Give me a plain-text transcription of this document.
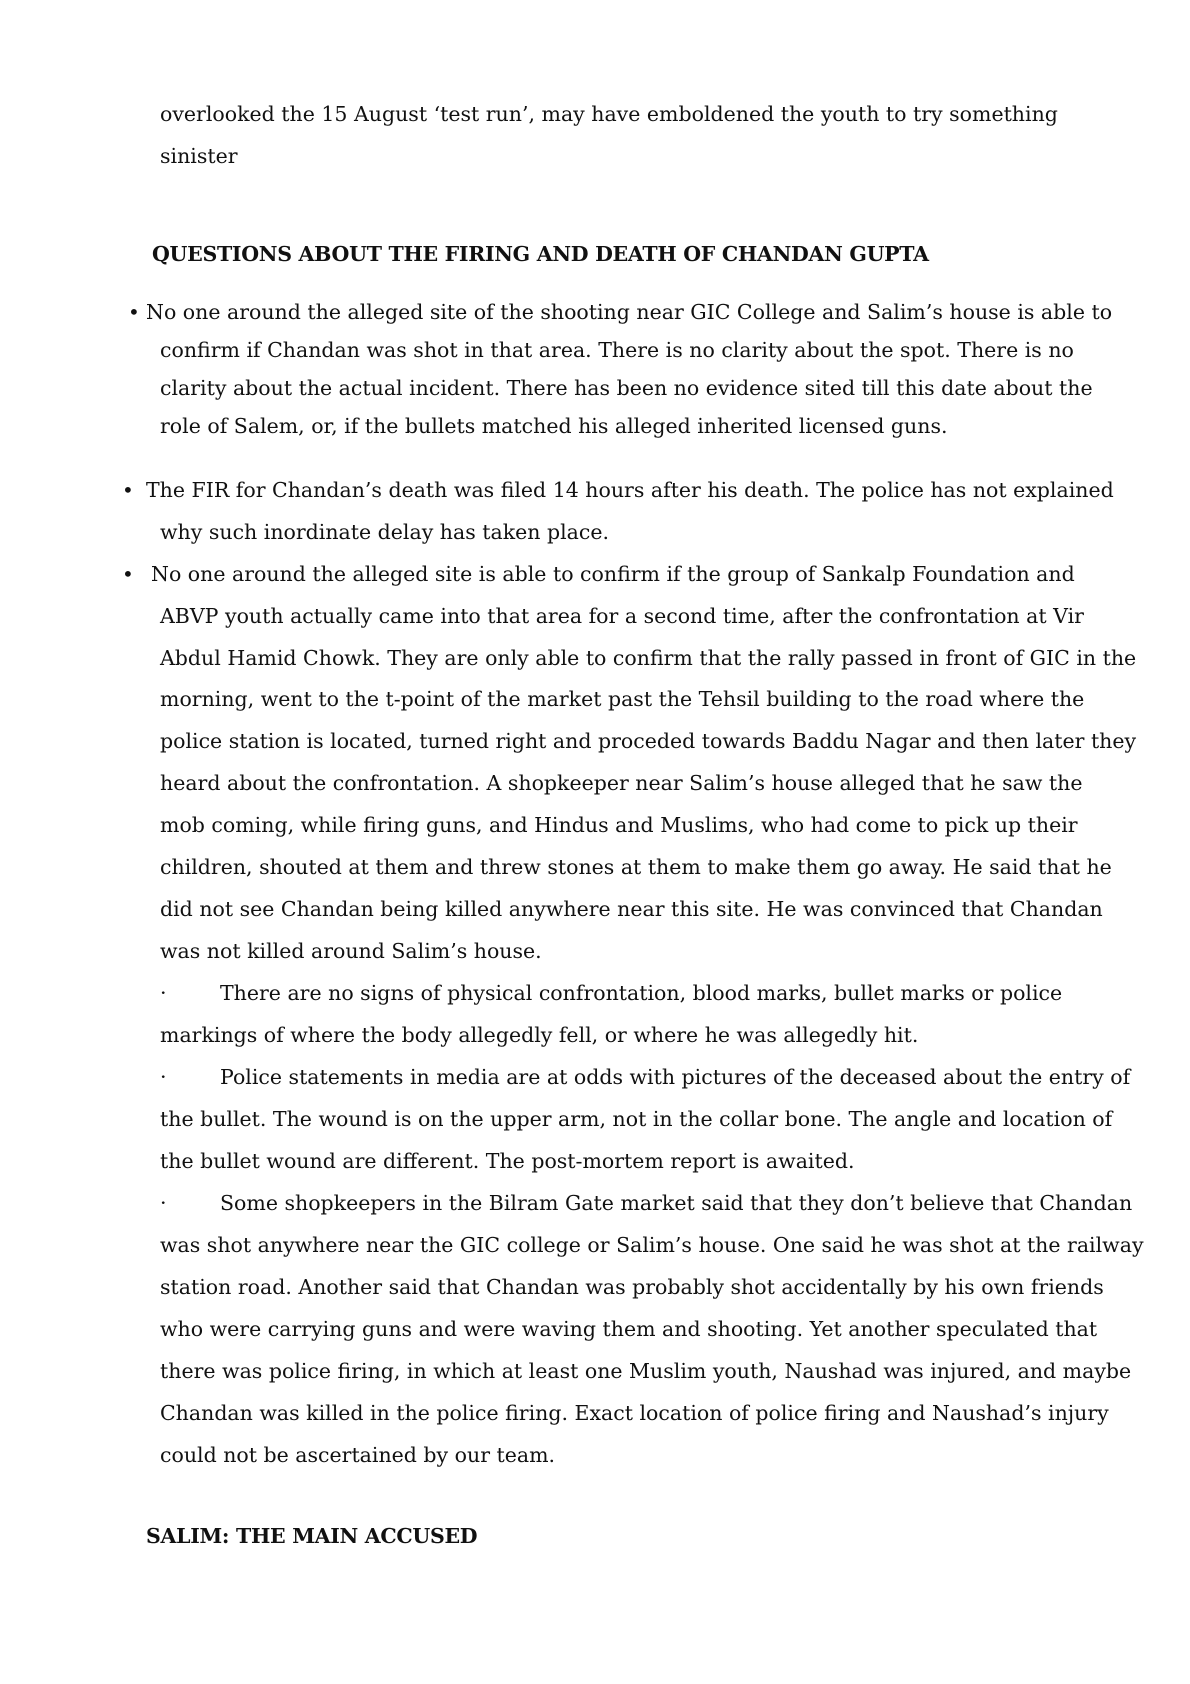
overlooked the 15 August ‘test run’, may have emboldened the youth to try something

sinister

QUESTIONS ABOUT THE FIRING AND DEATH OF CHANDAN GUPTA
• No one around the alleged site of the shooting near GIC College and Salim’s house is able to

confirm if Chandan was shot in that area. There is no clarity about the spot. There is no

clarity about the actual incident. There has been no evidence sited till this date about the

role of Salem, or, if the bullets matched his alleged inherited licensed guns.

• The FIR for Chandan’s death was filed 14 hours after his death. The police has not explained

why such inordinate delay has taken place.

• No one around the alleged site is able to confirm if the group of Sankalp Foundation and

ABVP youth actually came into that area for a second time, after the confrontation at Vir

Abdul Hamid Chowk. They are only able to confirm that the rally passed in front of GIC in the

morning, went to the t-point of the market past the Tehsil building to the road where the

police station is located, turned right and proceded towards Baddu Nagar and then later they

heard about the confrontation. A shopkeeper near Salim’s house alleged that he saw the

mob coming, while firing guns, and Hindus and Muslims, who had come to pick up their

children, shouted at them and threw stones at them to make them go away. He said that he

did not see Chandan being killed anywhere near this site. He was convinced that Chandan

was not killed around Salim’s house.

·	There are no signs of physical confrontation, blood marks, bullet marks or police

markings of where the body allegedly fell, or where he was allegedly hit.

·	Police statements in media are at odds with pictures of the deceased about the entry of

the bullet. The wound is on the upper arm, not in the collar bone. The angle and location of

the bullet wound are different. The post-mortem report is awaited.

·	Some shopkeepers in the Bilram Gate market said that they don’t believe that Chandan

was shot anywhere near the GIC college or Salim’s house. One said he was shot at the railway

station road. Another said that Chandan was probably shot accidentally by his own friends

who were carrying guns and were waving them and shooting. Yet another speculated that

there was police firing, in which at least one Muslim youth, Naushad was injured, and maybe

Chandan was killed in the police firing. Exact location of police firing and Naushad’s injury

could not be ascertained by our team.

SALIM: THE MAIN ACCUSED
